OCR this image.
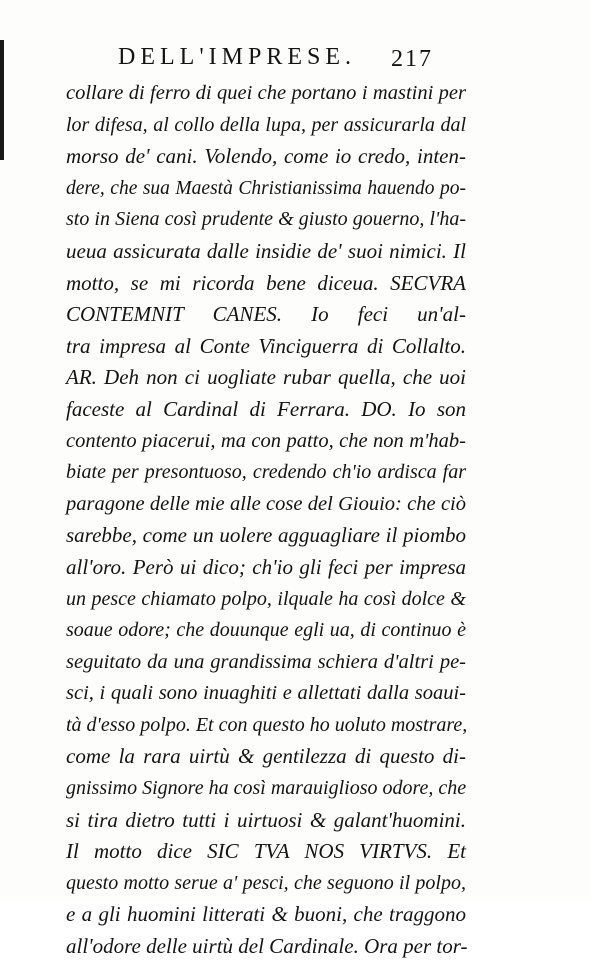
DELL'IMPRESE. 217
collare di ferro di quei che portano i mastini per
lor difesa, al collo della lupa, per assicurarla dal
morso de' cani. Volendo, come io credo, inten-
dere, che sua Maestà Christianissima hauendo po-
sto in Siena così prudente & giusto gouerno, l'ha-
ueua assicurata dalle insidie de' suoi nimici. Il
motto, se mi ricorda bene diceua. SECVRA
CONTEMNIT CANES. Io feci un'al-
tra impresa al Conte Vinciguerra di Collalto.
AR. Deh non ci uogliate rubar quella, che uoi
faceste al Cardinal di Ferrara. DO. Io son
contento piacerui, ma con patto, che non m'hab-
biate per presontuoso, credendo ch'io ardisca far
paragone delle mie alle cose del Giouio: che ciò
sarebbe, come un uolere agguagliare il piombo
all'oro. Però ui dico; ch'io gli feci per impresa
un pesce chiamato polpo, ilquale ha così dolce &
soaue odore; che douunque egli ua, di continuo è
seguitato da una grandissima schiera d'altri pe-
sci, i quali sono inuaghiti e allettati dalla soaui-
tà d'esso polpo. Et con questo ho uoluto mostrare,
come la rara uirtù & gentilezza di questo di-
gnissimo Signore ha così marauiglioso odore, che
si tira dietro tutti i uirtuosi & galant'huomini.
Il motto dice SIC TVA NOS VIRTVS. Et
questo motto serue a' pesci, che seguono il polpo,
e a gli huomini litterati & buoni, che traggono
all'odore delle uirtù del Cardinale. Ora per tor-
